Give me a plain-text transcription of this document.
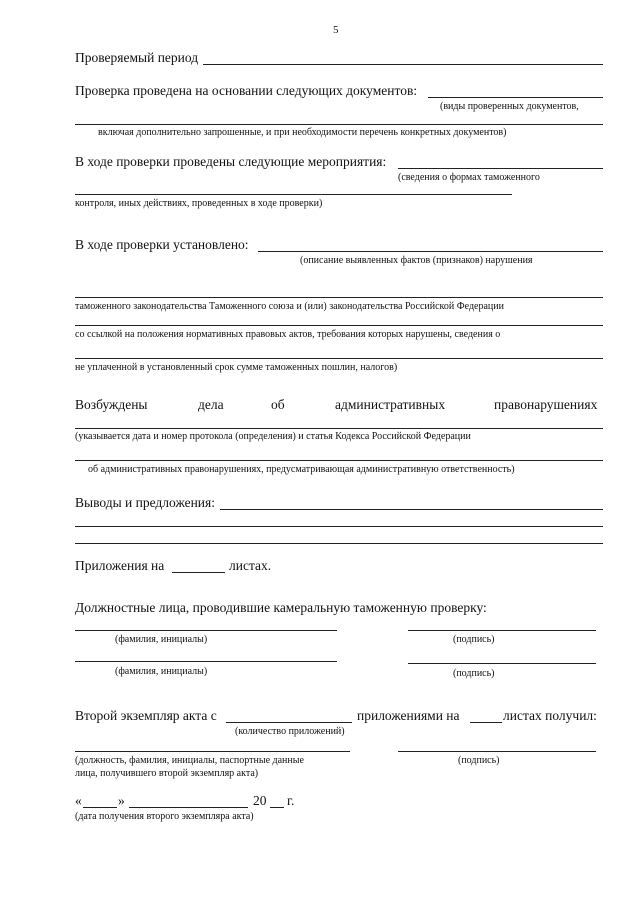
5
Проверяемый период
Проверка проведена на основании следующих документов:
(виды проверенных документов,
включая дополнительно запрошенные, и при необходимости перечень конкретных документов)
В ходе проверки проведены следующие мероприятия:
(сведения о формах таможенного
контроля, иных действиях, проведенных в ходе проверки)
В ходе проверки установлено:
(описание выявленных фактов (признаков) нарушения
таможенного законодательства Таможенного союза и (или) законодательства Российской Федерации
со ссылкой на положения нормативных правовых актов, требования которых нарушены, сведения о
не уплаченной в установленный срок сумме таможенных пошлин, налогов)
Возбуждены	дела	об	административных	правонарушениях
(указывается дата и номер протокола (определения) и статья Кодекса Российской Федерации
об административных правонарушениях, предусматривающая административную ответственность)
Выводы и предложения:
Приложения на	листах.
Должностные лица, проводившие камеральную таможенную проверку:
(фамилия, инициалы)	(подпись)
(фамилия, инициалы)	(подпись)
Второй экземпляр акта с	приложениями на	листах получил:
(количество приложений)
(должность, фамилия, инициалы, паспортные данные
лица, получившего второй экземпляр акта)
(подпись)
«	»	20 г.
(дата получения второго экземпляра акта)
